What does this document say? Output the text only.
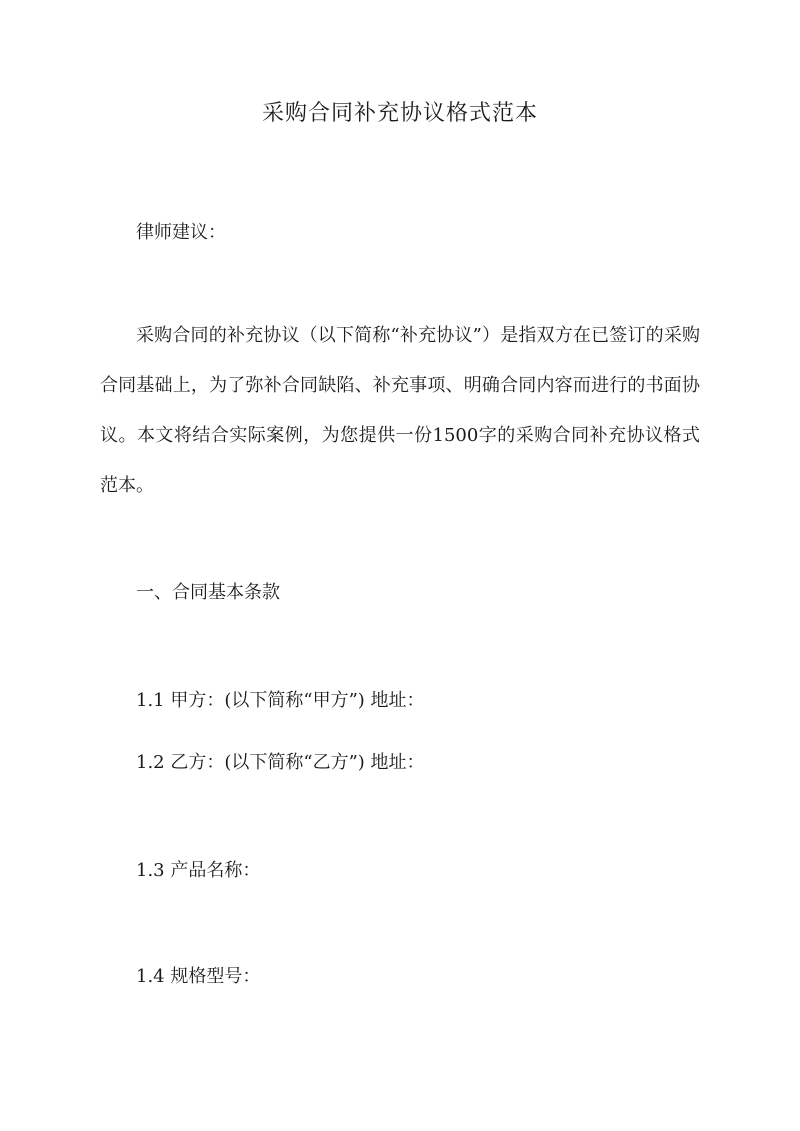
采购合同补充协议格式范本

律师建议：

采购合同的补充协议（以下简称“补充协议”）是指双方在已签订的采购合同基础上，为了弥补合同缺陷、补充事项、明确合同内容而进行的书面协议。本文将结合实际案例，为您提供一份1500字的采购合同补充协议格式范本。

一、合同基本条款

1.1 甲方：(以下简称“甲方”) 地址：

1.2 乙方：(以下简称“乙方”) 地址：

1.3 产品名称：

1.4 规格型号：
